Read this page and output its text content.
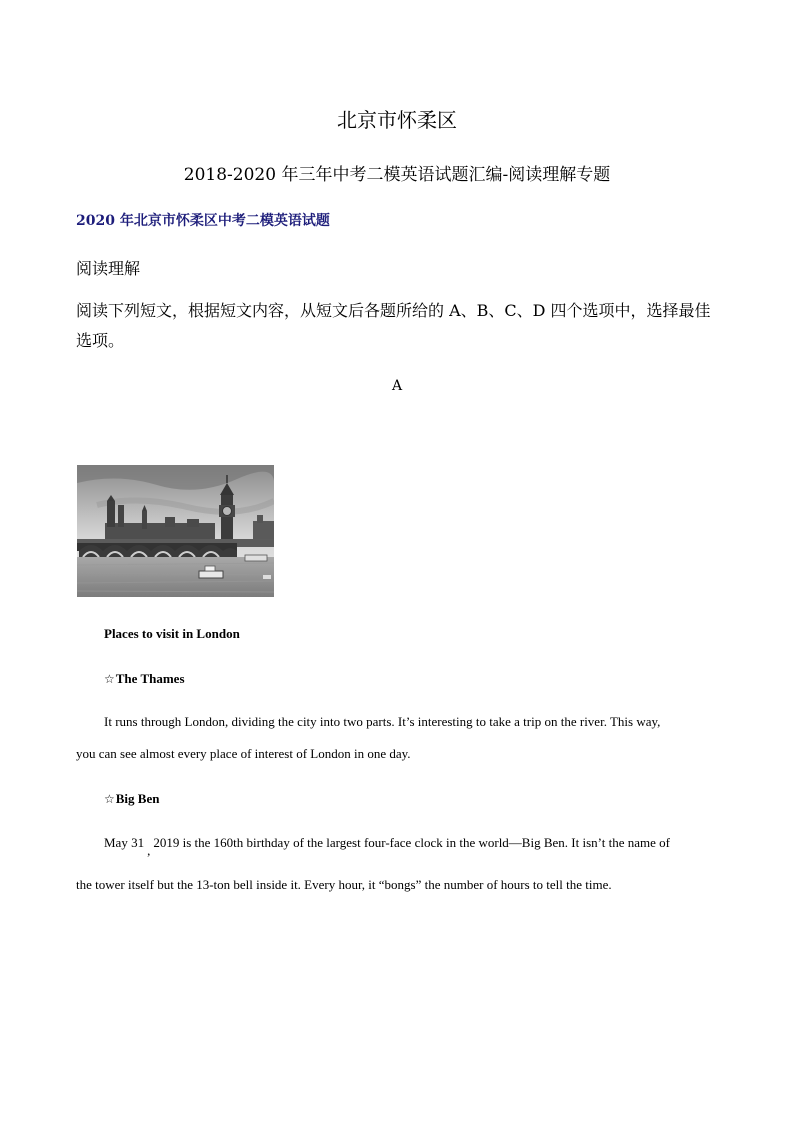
北京市怀柔区
2018-2020 年三年中考二模英语试题汇编-阅读理解专题
2020 年北京市怀柔区中考二模英语试题
阅读理解
阅读下列短文，根据短文内容，从短文后各题所给的 A、B、C、D 四个选项中，选择最佳选项。
A
Places to visit in London
☆The Thames
It runs through London, dividing the city into two parts. It’s interesting to take a trip on the river. This way,
you can see almost every place of interest of London in one day.
☆Big Ben
May 31,2019 is the 160th birthday of the largest four-face clock in the world—Big Ben. It isn’t the name of
the tower itself but the 13-ton bell inside it. Every hour, it “bongs” the number of hours to tell the time.
